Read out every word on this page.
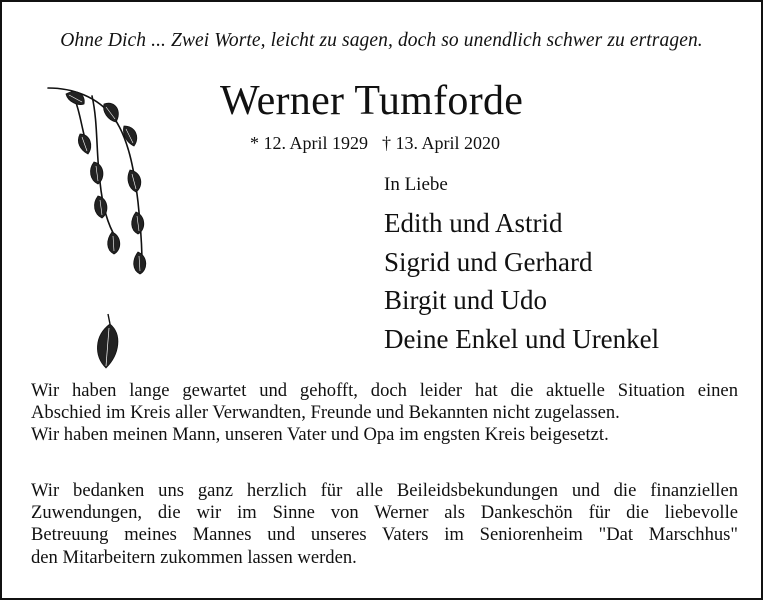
Ohne Dich ... Zwei Worte, leicht zu sagen, doch so unendlich schwer zu ertragen.
Werner Tumforde
* 12. April 1929 † 13. April 2020
In Liebe
Edith und Astrid
Sigrid und Gerhard
Birgit und Udo
Deine Enkel und Urenkel
Wir haben lange gewartet und gehofft, doch leider hat die aktuelle Situation einen
Abschied im Kreis aller Verwandten, Freunde und Bekannten nicht zugelassen.
Wir haben meinen Mann, unseren Vater und Opa im engsten Kreis beigesetzt.
Wir bedanken uns ganz herzlich für alle Beileidsbekundungen und die finanziellen
Zuwendungen, die wir im Sinne von Werner als Dankeschön für die liebevolle
Betreuung meines Mannes und unseres Vaters im Seniorenheim "Dat Marschhus"
den Mitarbeitern zukommen lassen werden.
